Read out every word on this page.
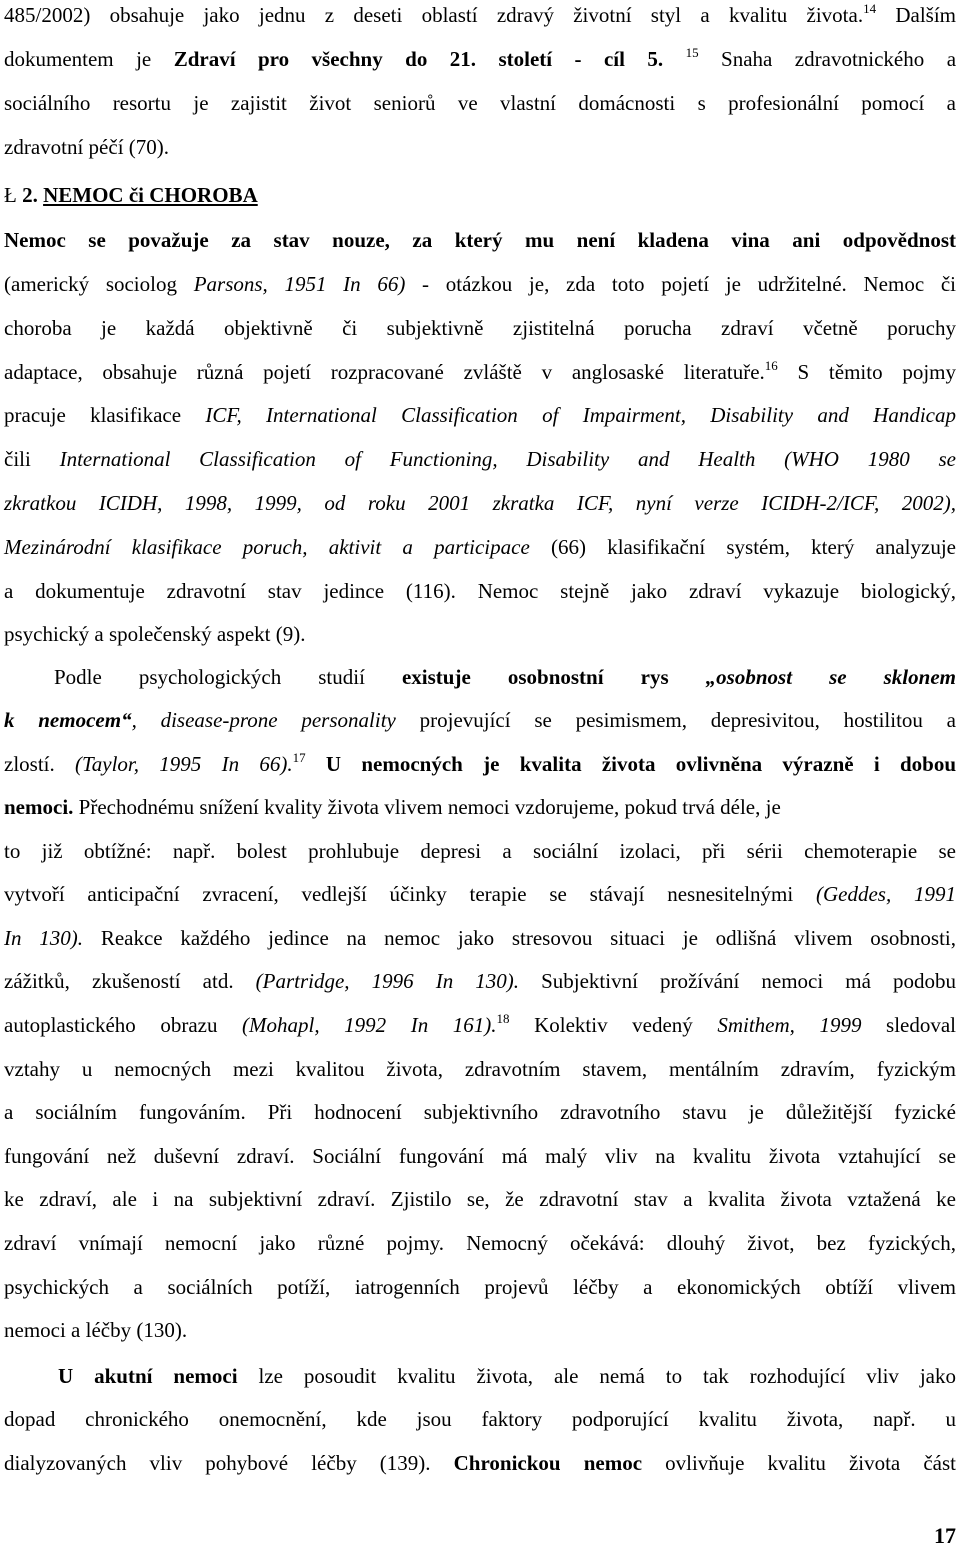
485/2002) obsahuje jako jednu z deseti oblastí zdravý životní styl a kvalitu života.$^{14}$ Dalším
dokumentem je Zdraví pro všechny do 21. století - cíl 5. $^{15}$ Snaha zdravotnického a
sociálního resortu je zajistit život seniorů ve vlastní domácnosti s profesionální pomocí a
zdravotní péčí (70).
Ł 2. NEMOC či CHOROBA
Nemoc se považuje za stav nouze, za který mu není kladena vina ani odpovědnost
(americký sociolog Parsons, 1951 In 66) - otázkou je, zda toto pojetí je udržitelné. Nemoc či
choroba je každá objektivně či subjektivně zjistitelná porucha zdraví včetně poruchy
adaptace, obsahuje různá pojetí rozpracované zvláště v anglosaské literatuře.$^{16}$ S těmito pojmy
pracuje klasifikace ICF, International Classification of Impairment, Disability and Handicap
čili International Classification of Functioning, Disability and Health (WHO 1980 se
zkratkou ICIDH, 1998, 1999, od roku 2001 zkratka ICF, nyní verze ICIDH-2/ICF, 2002),
Mezinárodní klasifikace poruch, aktivit a participace (66) klasifikační systém, který analyzuje
a dokumentuje zdravotní stav jedince (116). Nemoc stejně jako zdraví vykazuje biologický,
psychický a společenský aspekt (9).
Podle psychologických studií existuje osobnostní rys „osobnost se sklonem
k nemocem“, disease-prone personality projevující se pesimismem, depresivitou, hostilitou a
zlostí. (Taylor, 1995 In 66).$^{17}$ U nemocných je kvalita života ovlivněna výrazně i dobou
nemoci. Přechodnému snížení kvality života vlivem nemoci vzdorujeme, pokud trvá déle, je
to již obtížné: např. bolest prohlubuje depresi a sociální izolaci, při sérii chemoterapie se
vytvoří anticipační zvracení, vedlejší účinky terapie se stávají nesnesitelnými (Geddes, 1991
In 130). Reakce každého jedince na nemoc jako stresovou situaci je odlišná vlivem osobnosti,
zážitků, zkušeností atd. (Partridge, 1996 In 130). Subjektivní prožívání nemoci má podobu
autoplastického obrazu (Mohapl, 1992 In 161).$^{18}$ Kolektiv vedený Smithem, 1999 sledoval
vztahy u nemocných mezi kvalitou života, zdravotním stavem, mentálním zdravím, fyzickým
a sociálním fungováním. Při hodnocení subjektivního zdravotního stavu je důležitější fyzické
fungování než duševní zdraví. Sociální fungování má malý vliv na kvalitu života vztahující se
ke zdraví, ale i na subjektivní zdraví. Zjistilo se, že zdravotní stav a kvalita života vztažená ke
zdraví vnímají nemocní jako různé pojmy. Nemocný očekává: dlouhý život, bez fyzických,
psychických a sociálních potíží, iatrogenních projevů léčby a ekonomických obtíží vlivem
nemoci a léčby (130).
U akutní nemoci lze posoudit kvalitu života, ale nemá to tak rozhodující vliv jako
dopad chronického onemocnění, kde jsou faktory podporující kvalitu života, např. u
dialyzovaných vliv pohybové léčby (139). Chronickou nemoc ovlivňuje kvalitu života část
17
